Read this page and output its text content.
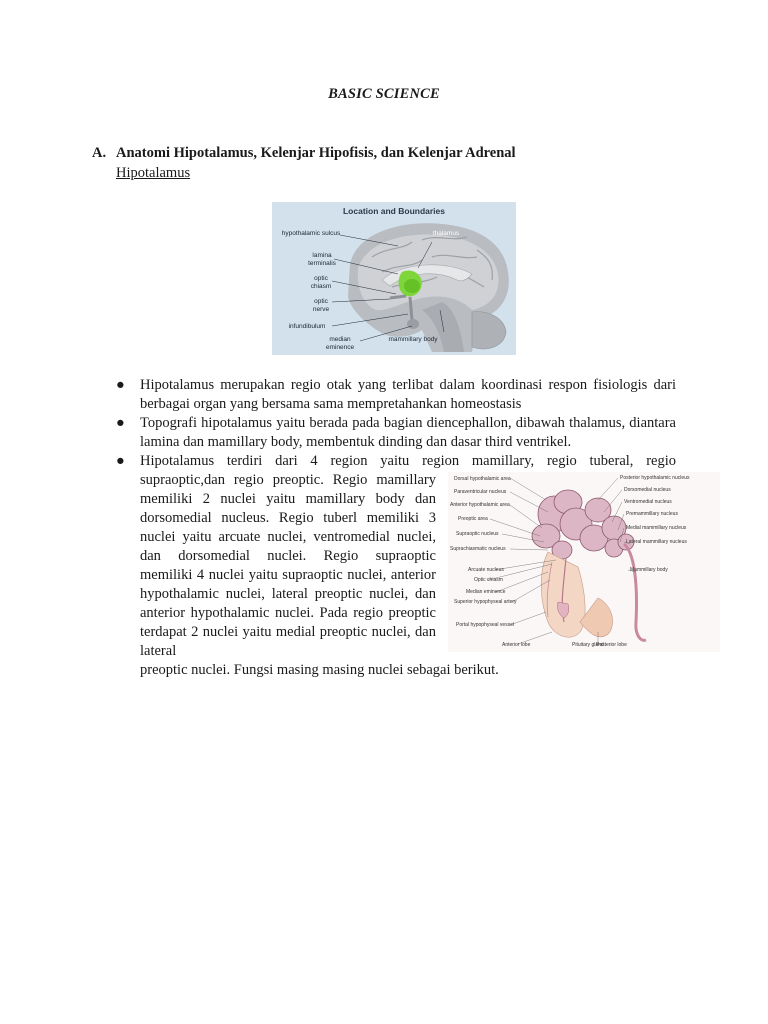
BASIC SCIENCE
A. Anatomi Hipotalamus, Kelenjar Hipofisis, dan Kelenjar Adrenal
Hipotalamus
Location and Boundaries
hypothalamic sulcus
lamina terminalis
optic chiasm
optic nerve
infundibulum
median eminence
mammillary body
thalamus
●	Hipotalamus merupakan regio otak yang terlibat dalam koordinasi respon fisiologis dari berbagai organ yang bersama sama mempretahankan homeostasis
●	Topografi hipotalamus yaitu berada pada bagian diencephallon, dibawah thalamus, diantara lamina dan mamillary body, membentuk dinding dan dasar third ventrikel.
●	Hipotalamus terdiri dari 4 region yaitu region mamillary, regio tuberal, regio
supraoptic,dan regio preoptic. Regio mamillary memiliki 2 nuclei yaitu mamillary body dan dorsomedial nucleus. Regio tuberl memiliki 3 nuclei yaitu arcuate nuclei, ventromedial nuclei, dan dorsomedial nuclei. Regio supraoptic memiliki 4 nuclei yaitu supraoptic nuclei, anterior hypothalamic nuclei, lateral preoptic nuclei, dan anterior hypothalamic nuclei. Pada regio preoptic terdapat 2 nuclei yaitu medial preoptic nuclei, dan lateral
preoptic nuclei. Fungsi masing masing nuclei sebagai berikut.
Dorsal hypothalamic area
Paraventricular nucleus
Anterior hypothalamic area
Preoptic area
Supraoptic nucleus
Suprachiasmatic nucleus
Arcuate nucleus
Optic chiasm
Median eminence
Superior hypophyseal artery
Portal hypophyseal vessel
Anterior lobe
Posterior hypothalamic nucleus
Dorsomedial nucleus
Ventromedial nucleus
Premammillary nucleus
Medial mammillary nucleus
Lateral mammillary nucleus
Mammillary body
Posterior lobe
Pituitary gland
